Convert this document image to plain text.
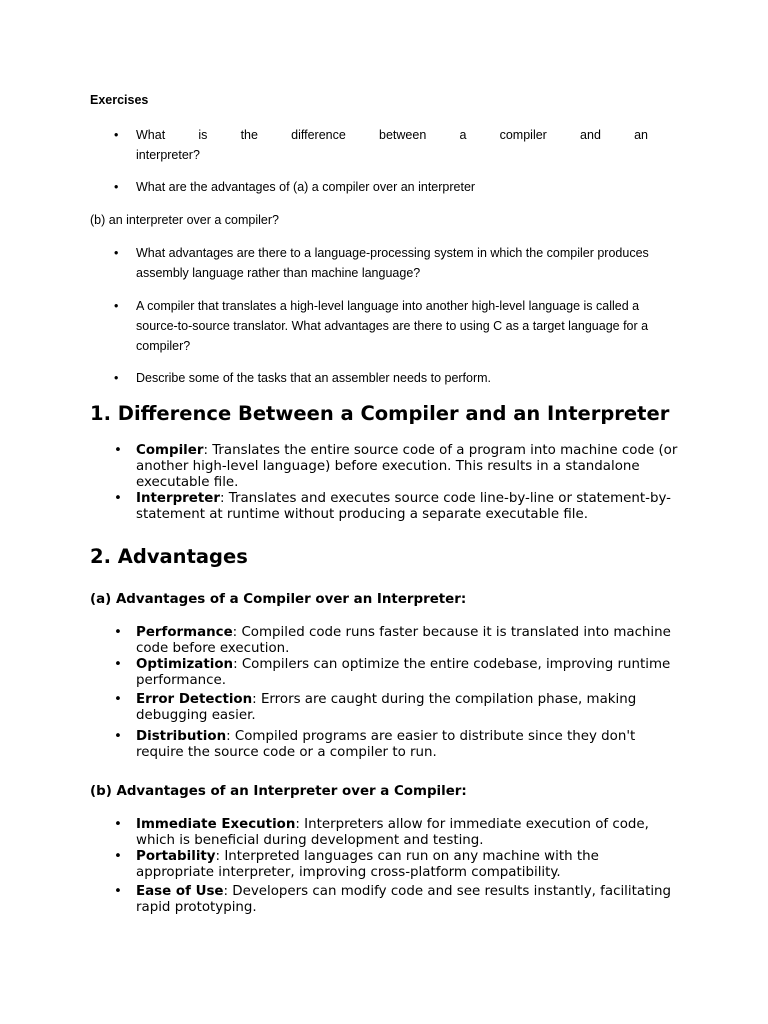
Exercises
• What is the difference between a compiler and an
interpreter?
• What are the advantages of (a) a compiler over an interpreter
(b) an interpreter over a compiler?
• What advantages are there to a language-processing system in which the compiler produces assembly language rather than machine language?
• A compiler that translates a high-level language into another high-level language is called a source-to-source translator. What advantages are there to using C as a target language for a compiler?
• Describe some of the tasks that an assembler needs to perform.
1. Difference Between a Compiler and an Interpreter
• Compiler: Translates the entire source code of a program into machine code (or another high-level language) before execution. This results in a standalone executable file.
• Interpreter: Translates and executes source code line-by-line or statement-by-statement at runtime without producing a separate executable file.
2. Advantages
(a) Advantages of a Compiler over an Interpreter:
• Performance: Compiled code runs faster because it is translated into machine code before execution.
• Optimization: Compilers can optimize the entire codebase, improving runtime performance.
• Error Detection: Errors are caught during the compilation phase, making debugging easier.
• Distribution: Compiled programs are easier to distribute since they don't require the source code or a compiler to run.
(b) Advantages of an Interpreter over a Compiler:
• Immediate Execution: Interpreters allow for immediate execution of code, which is beneficial during development and testing.
• Portability: Interpreted languages can run on any machine with the appropriate interpreter, improving cross-platform compatibility.
• Ease of Use: Developers can modify code and see results instantly, facilitating rapid prototyping.
